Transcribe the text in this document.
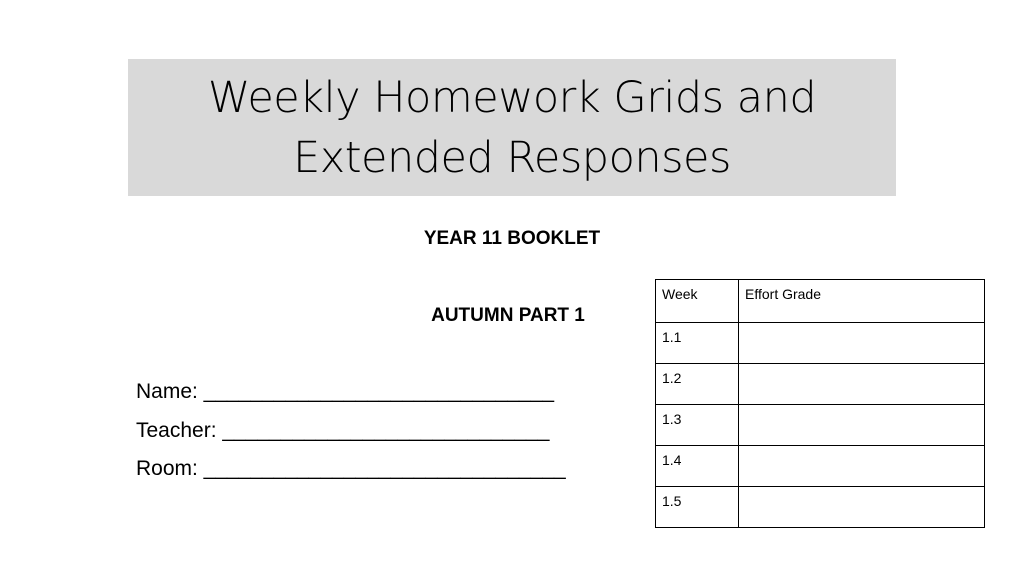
Weekly Homework Grids and
Extended Responses
YEAR 11 BOOKLET
AUTUMN PART 1
Name: ______________________________
Teacher: ____________________________
Room: _______________________________
Week	Effort Grade
1.1	
1.2	
1.3	
1.4	
1.5	
